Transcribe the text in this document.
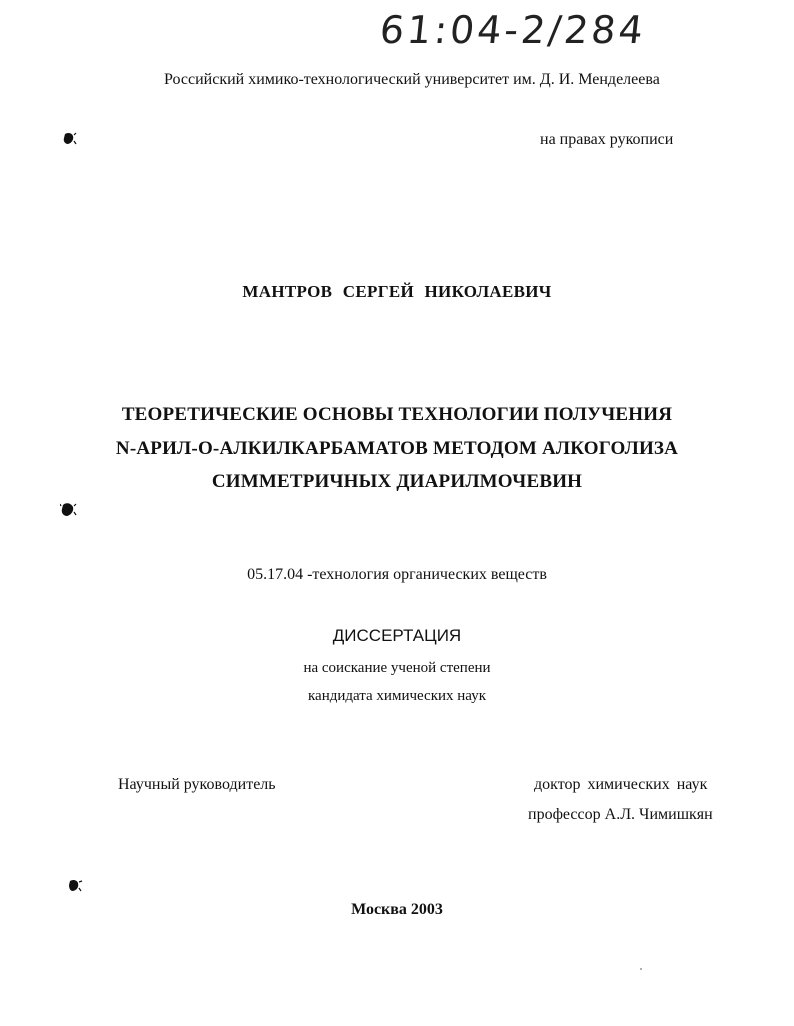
61:04-2/284
Российский химико-технологический университет им. Д. И. Менделеева
на правах рукописи
МАНТРОВ СЕРГЕЙ НИКОЛАЕВИЧ
ТЕОРЕТИЧЕСКИЕ ОСНОВЫ ТЕХНОЛОГИИ ПОЛУЧЕНИЯ
N-АРИЛ-О-АЛКИЛКАРБАМАТОВ МЕТОДОМ АЛКОГОЛИЗА
СИММЕТРИЧНЫХ ДИАРИЛМОЧЕВИН
05.17.04 -технология органических веществ
ДИССЕРТАЦИЯ
на соискание ученой степени
кандидата химических наук
Научный руководитель	доктор химических наук
профессор А.Л. Чимишкян
Москва 2003
